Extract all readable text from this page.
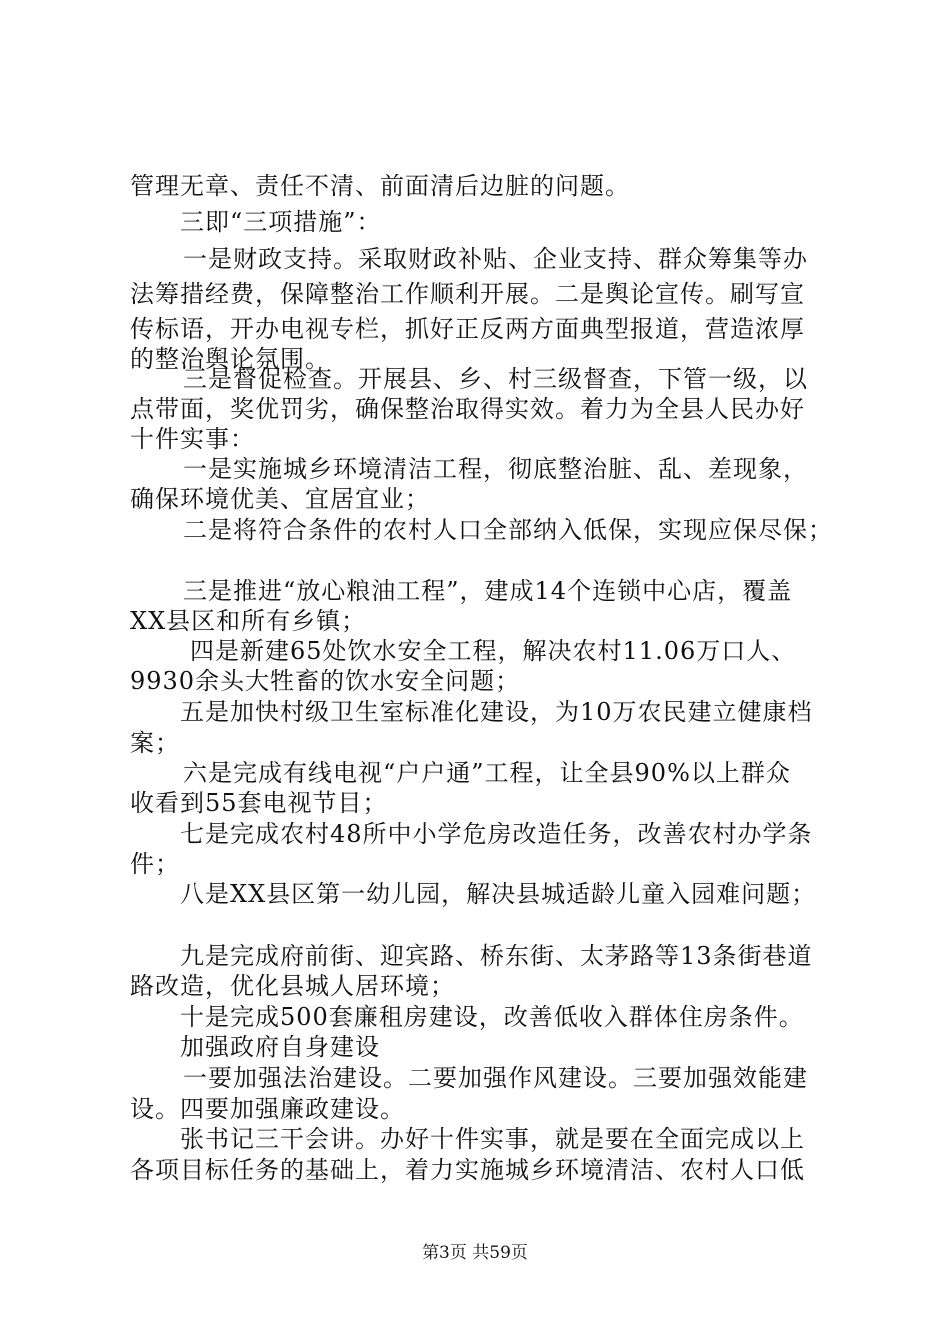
管理无章、责任不清、前面清后边脏的问题。
三即“三项措施”：
一是财政支持。采取财政补贴、企业支持、群众筹集等办
法筹措经费，保障整治工作顺利开展。二是舆论宣传。刷写宣
传标语，开办电视专栏，抓好正反两方面典型报道，营造浓厚
的整治舆论氛围。
三是督促检查。开展县、乡、村三级督查，下管一级，以
点带面，奖优罚劣，确保整治取得实效。着力为全县人民办好
十件实事：
一是实施城乡环境清洁工程，彻底整治脏、乱、差现象，
确保环境优美、宜居宜业；
二是将符合条件的农村人口全部纳入低保，实现应保尽保；
三是推进“放心粮油工程”，建成14个连锁中心店，覆盖
XX县区和所有乡镇；
四是新建65处饮水安全工程，解决农村11.06万口人、
9930余头大牲畜的饮水安全问题；
五是加快村级卫生室标准化建设，为10万农民建立健康档
案；
六是完成有线电视“户户通”工程，让全县90%以上群众
收看到55套电视节目；
七是完成农村48所中小学危房改造任务，改善农村办学条
件；
八是XX县区第一幼儿园，解决县城适龄儿童入园难问题；
九是完成府前街、迎宾路、桥东街、太茅路等13条街巷道
路改造，优化县城人居环境；
十是完成500套廉租房建设，改善低收入群体住房条件。
加强政府自身建设
一要加强法治建设。二要加强作风建设。三要加强效能建
设。四要加强廉政建设。
张书记三干会讲。办好十件实事，就是要在全面完成以上
各项目标任务的基础上，着力实施城乡环境清洁、农村人口低
第3页 共59页
